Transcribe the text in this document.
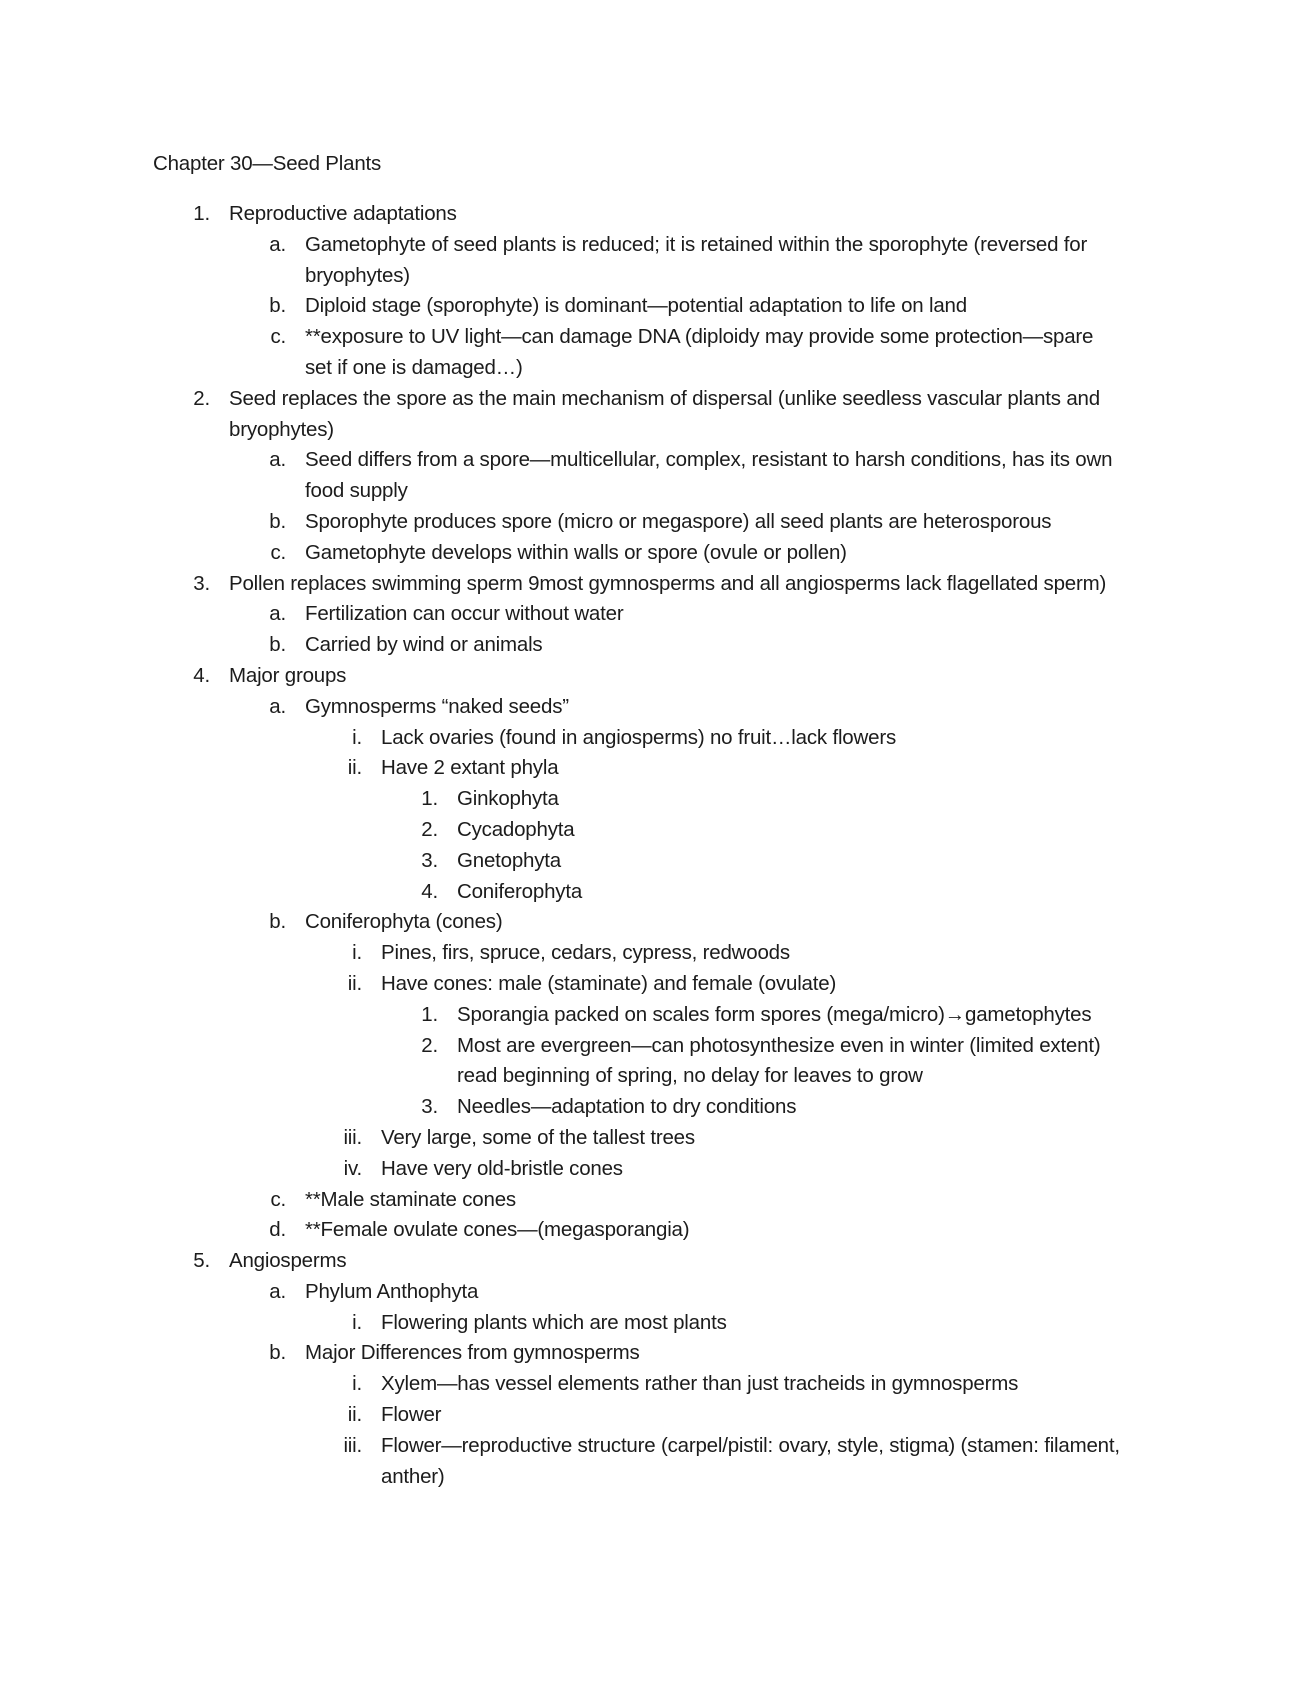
Chapter 30—Seed Plants
1. Reproductive adaptations
a. Gametophyte of seed plants is reduced; it is retained within the sporophyte (reversed for bryophytes)
b. Diploid stage (sporophyte) is dominant—potential adaptation to life on land
c. **exposure to UV light—can damage DNA (diploidy may provide some protection—spare set if one is damaged…)
2. Seed replaces the spore as the main mechanism of dispersal (unlike seedless vascular plants and bryophytes)
a. Seed differs from a spore—multicellular, complex, resistant to harsh conditions, has its own food supply
b. Sporophyte produces spore (micro or megaspore) all seed plants are heterosporous
c. Gametophyte develops within walls or spore (ovule or pollen)
3. Pollen replaces swimming sperm 9most gymnosperms and all angiosperms lack flagellated sperm)
a. Fertilization can occur without water
b. Carried by wind or animals
4. Major groups
a. Gymnosperms “naked seeds”
i. Lack ovaries (found in angiosperms) no fruit…lack flowers
ii. Have 2 extant phyla
1. Ginkophyta
2. Cycadophyta
3. Gnetophyta
4. Coniferophyta
b. Coniferophyta (cones)
i. Pines, firs, spruce, cedars, cypress, redwoods
ii. Have cones: male (staminate) and female (ovulate)
1. Sporangia packed on scales form spores (mega/micro)→gametophytes
2. Most are evergreen—can photosynthesize even in winter (limited extent) read beginning of spring, no delay for leaves to grow
3. Needles—adaptation to dry conditions
iii. Very large, some of the tallest trees
iv. Have very old-bristle cones
c. **Male staminate cones
d. **Female ovulate cones—(megasporangia)
5. Angiosperms
a. Phylum Anthophyta
i. Flowering plants which are most plants
b. Major Differences from gymnosperms
i. Xylem—has vessel elements rather than just tracheids in gymnosperms
ii. Flower
iii. Flower—reproductive structure (carpel/pistil: ovary, style, stigma) (stamen: filament, anther)
